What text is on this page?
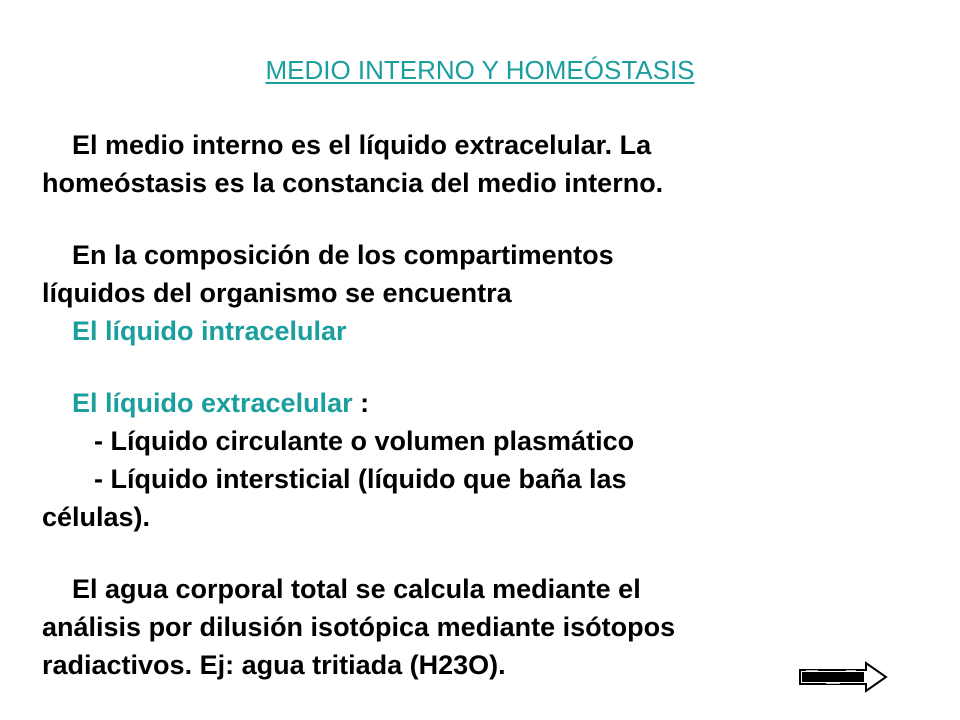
MEDIO INTERNO Y HOMEÓSTASIS

El medio interno es el líquido extracelular. La

homeóstasis es la constancia del medio interno.

En la composición de los compartimentos

líquidos del organismo se encuentra

El líquido intracelular

El líquido extracelular :

- Líquido circulante o volumen plasmático

- Líquido intersticial (líquido que baña las

células).

El agua corporal total se calcula mediante el

análisis por dilusión isotópica mediante isótopos

radiactivos. Ej: agua tritiada (H23O).
